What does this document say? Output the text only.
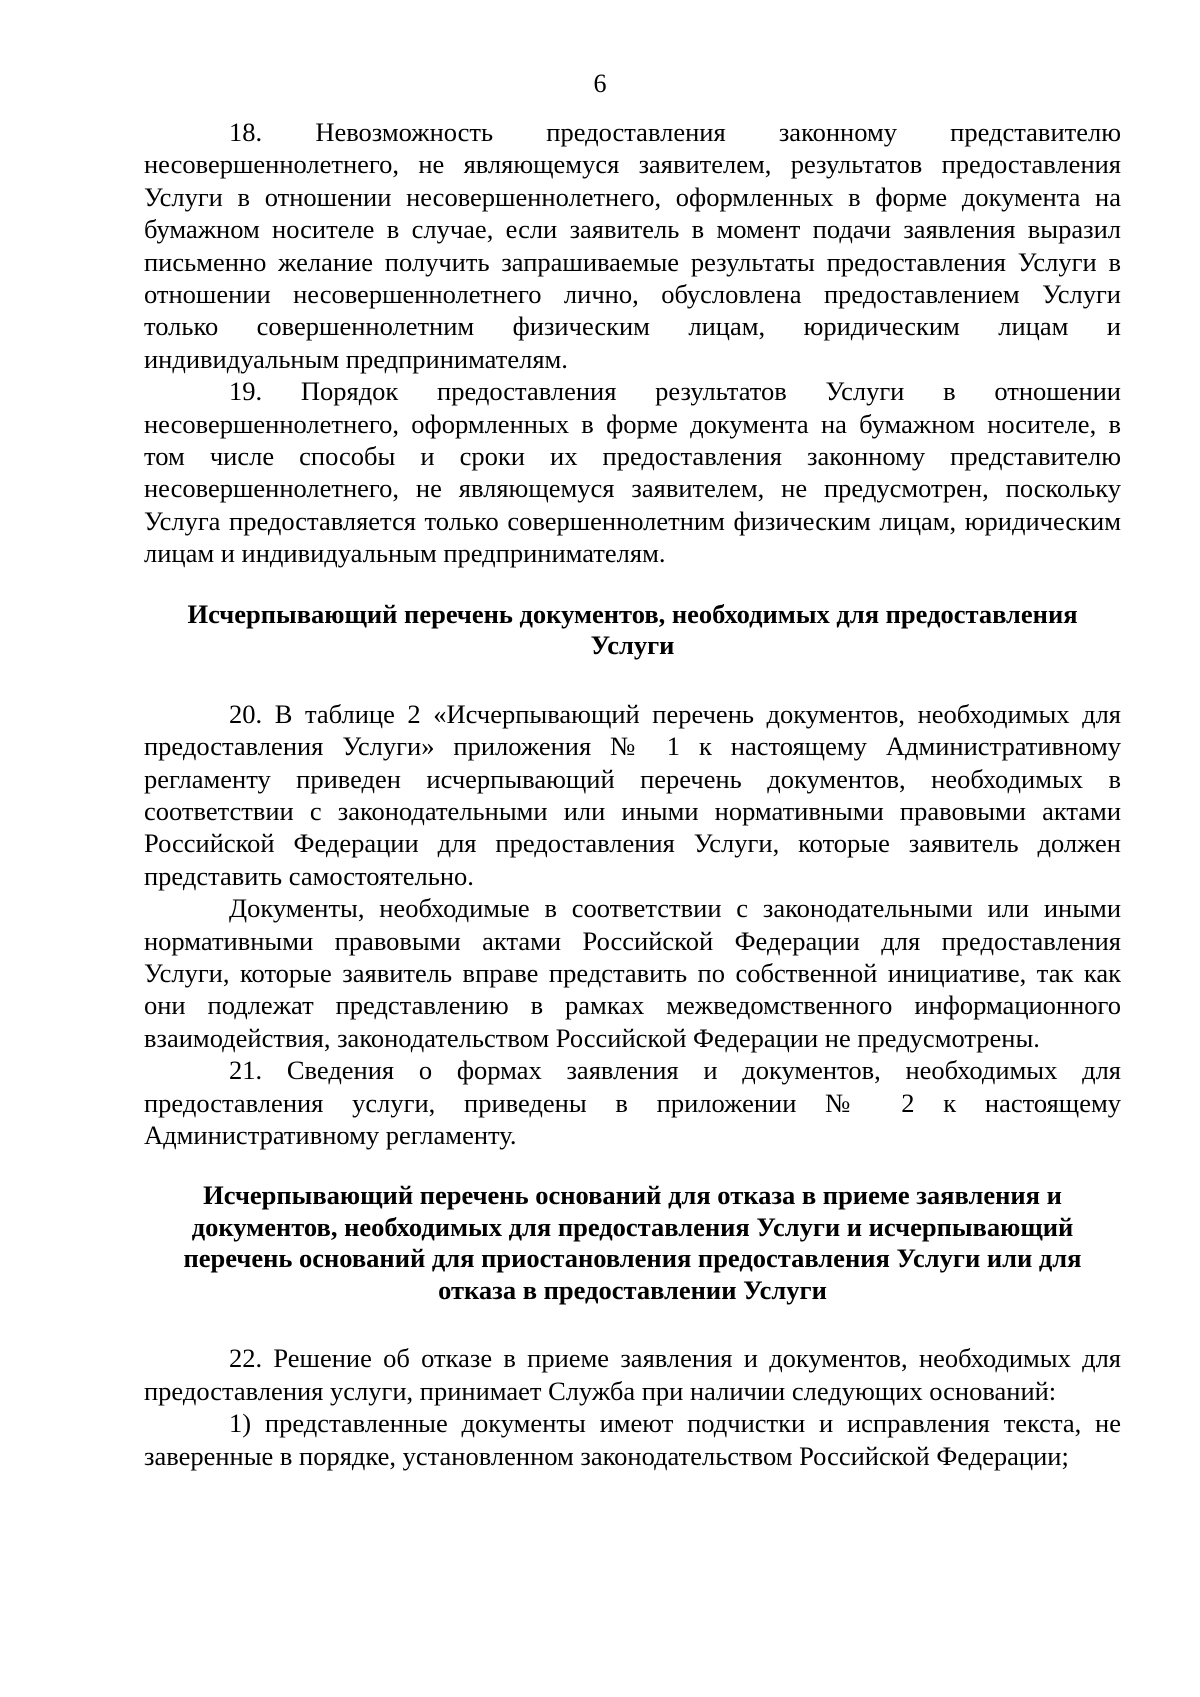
6

18. Невозможность предоставления законному представителю несовершеннолетнего, не являющемуся заявителем, результатов предоставления Услуги в отношении несовершеннолетнего, оформленных в форме документа на бумажном носителе в случае, если заявитель в момент подачи заявления выразил письменно желание получить запрашиваемые результаты предоставления Услуги в отношении несовершеннолетнего лично, обусловлена предоставлением Услуги только совершеннолетним физическим лицам, юридическим лицам и индивидуальным предпринимателям.

19. Порядок предоставления результатов Услуги в отношении несовершеннолетнего, оформленных в форме документа на бумажном носителе, в том числе способы и сроки их предоставления законному представителю несовершеннолетнего, не являющемуся заявителем, не предусмотрен, поскольку Услуга предоставляется только совершеннолетним физическим лицам, юридическим лицам и индивидуальным предпринимателям.

Исчерпывающий перечень документов, необходимых для предоставления Услуги

20. В таблице 2 «Исчерпывающий перечень документов, необходимых для предоставления Услуги» приложения № 1 к настоящему Административному регламенту приведен исчерпывающий перечень документов, необходимых в соответствии с законодательными или иными нормативными правовыми актами Российской Федерации для предоставления Услуги, которые заявитель должен представить самостоятельно.

Документы, необходимые в соответствии с законодательными или иными нормативными правовыми актами Российской Федерации для предоставления Услуги, которые заявитель вправе представить по собственной инициативе, так как они подлежат представлению в рамках межведомственного информационного взаимодействия, законодательством Российской Федерации не предусмотрены.

21. Сведения о формах заявления и документов, необходимых для предоставления услуги, приведены в приложении № 2 к настоящему Административному регламенту.

Исчерпывающий перечень оснований для отказа в приеме заявления и документов, необходимых для предоставления Услуги и исчерпывающий перечень оснований для приостановления предоставления Услуги или для отказа в предоставлении Услуги

22. Решение об отказе в приеме заявления и документов, необходимых для предоставления услуги, принимает Служба при наличии следующих оснований:

1) представленные документы имеют подчистки и исправления текста, не заверенные в порядке, установленном законодательством Российской Федерации;
